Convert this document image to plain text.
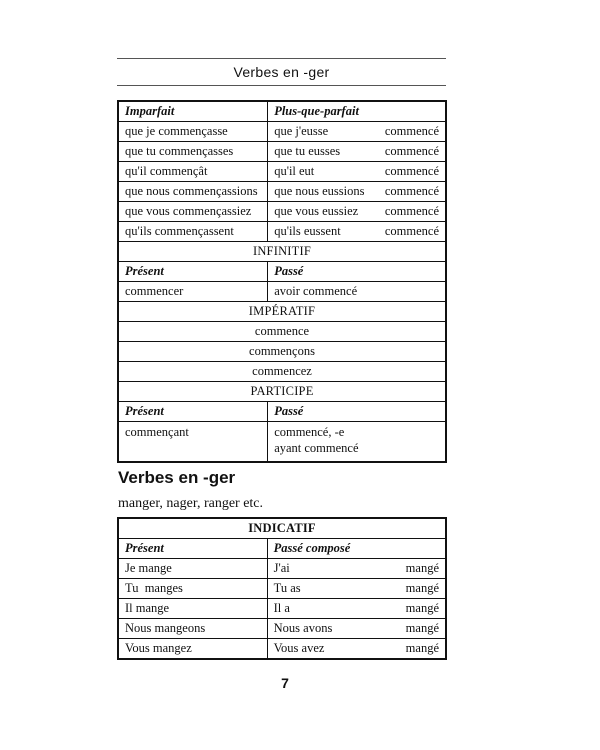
Verbes en -ger
Imparfait	Plus-que-parfait
que je commençasse	que j'eusse commencé

que tu commençasses	que tu eusses commencé

qu'il commençât	qu'il eut commencé

que nous commençassions	que nous eussions commencé

que vous commençassiez	que vous eussiez commencé

qu'ils commençassent	qu'ils eussent commencé

INFINITIF	
Présent	Passé
commencer	avoir commencé
IMPÉRATIF	
commence	
commençons	
commencez	
PARTICIPE	
Présent	Passé
commençant	commencé, -e
ayant commencé
Verbes en -ger
manger, nager, ranger etc.
INDICATIF	
Présent	Passé composé
Je mange	J'ai mangé

Tu  manges	Tu as mangé

Il mange	Il a mangé

Nous mangeons	Nous avons mangé

Vous mangez	Vous avez mangé
7
